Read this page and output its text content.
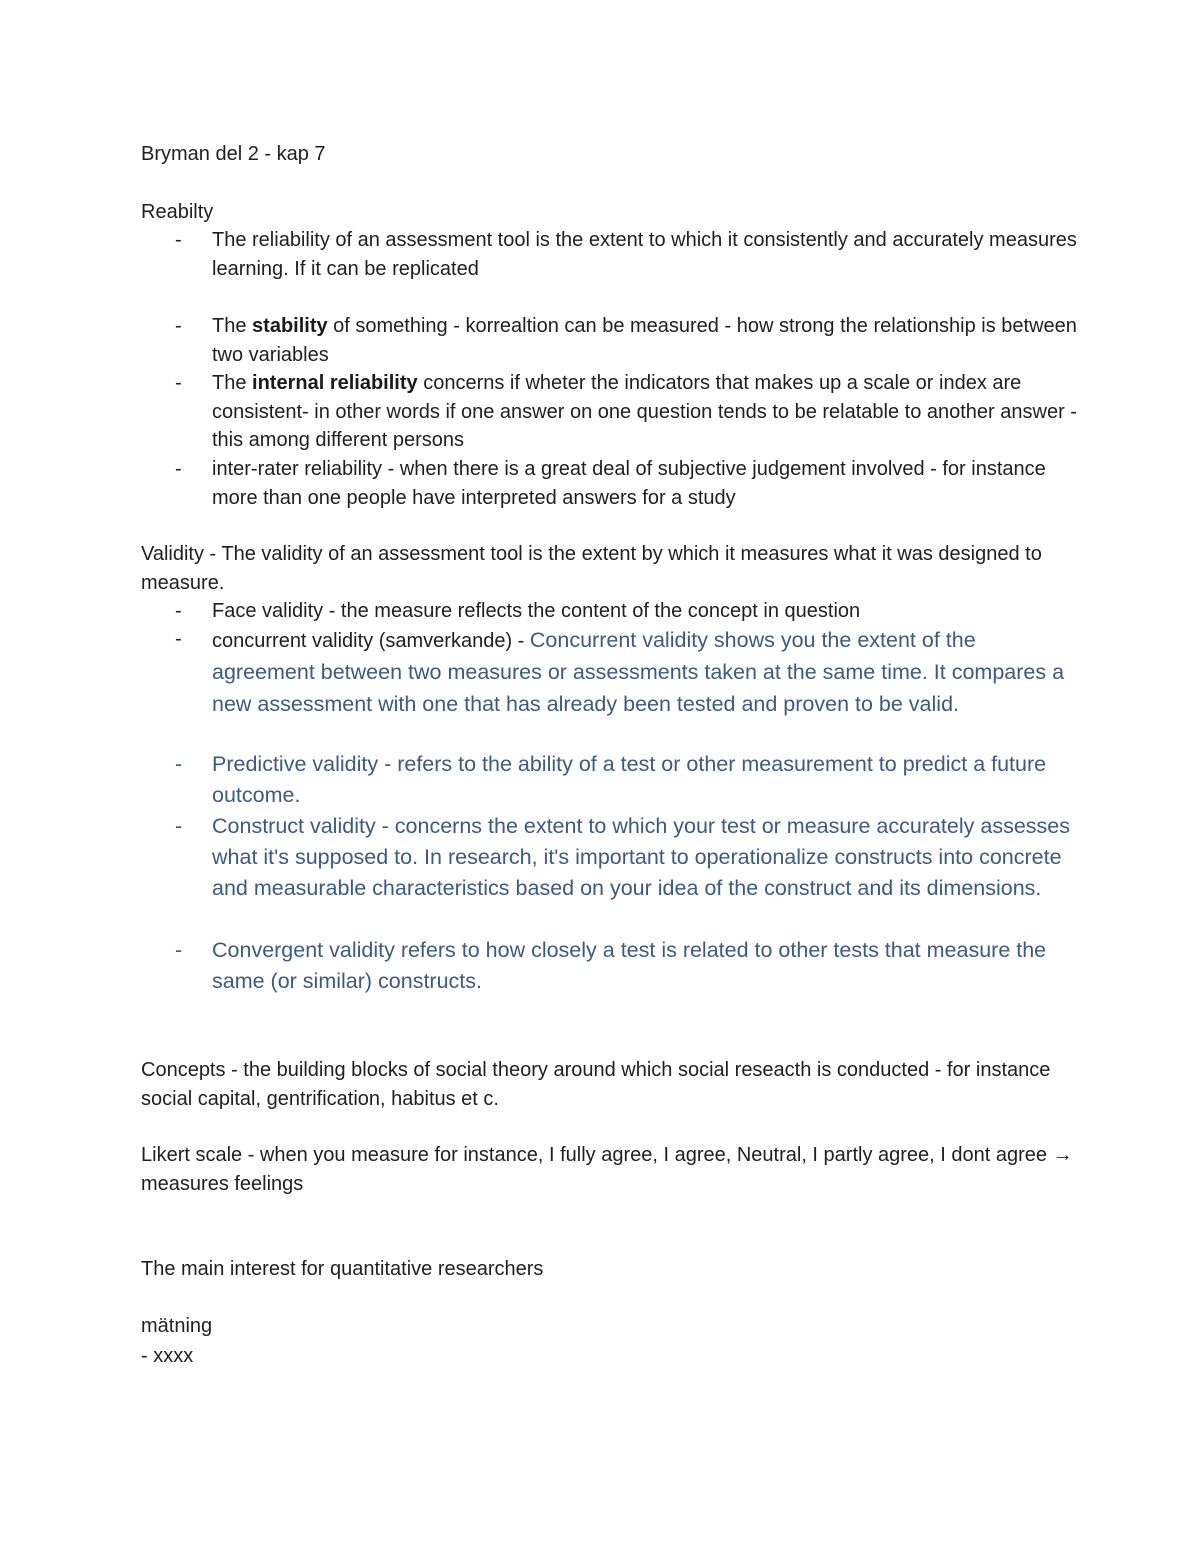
Bryman del 2 - kap 7
Reabilty
- The reliability of an assessment tool is the extent to which it consistently and accurately measures learning. If it can be replicated
- The stability of something - korrealtion can be measured - how strong the relationship is between two variables
- The internal reliability concerns if wheter the indicators that makes up a scale or index are consistent- in other words if one answer on one question tends to be relatable to another answer - this among different persons
- inter-rater reliability - when there is a great deal of subjective judgement involved - for instance more than one people have interpreted answers for a study
Validity - The validity of an assessment tool is the extent by which it measures what it was designed to measure.
- Face validity - the measure reflects the content of the concept in question
- concurrent validity (samverkande) - Concurrent validity shows you the extent of the agreement between two measures or assessments taken at the same time. It compares a new assessment with one that has already been tested and proven to be valid.
- Predictive validity - refers to the ability of a test or other measurement to predict a future outcome.
- Construct validity - concerns the extent to which your test or measure accurately assesses what it's supposed to. In research, it's important to operationalize constructs into concrete and measurable characteristics based on your idea of the construct and its dimensions.
- Convergent validity refers to how closely a test is related to other tests that measure the same (or similar) constructs.
Concepts - the building blocks of social theory around which social reseacth is conducted - for instance social capital, gentrification, habitus et c.
Likert scale - when you measure for instance, I fully agree, I agree, Neutral, I partly agree, I dont agree → measures feelings
The main interest for quantitative researchers
mätning
- xxxx
